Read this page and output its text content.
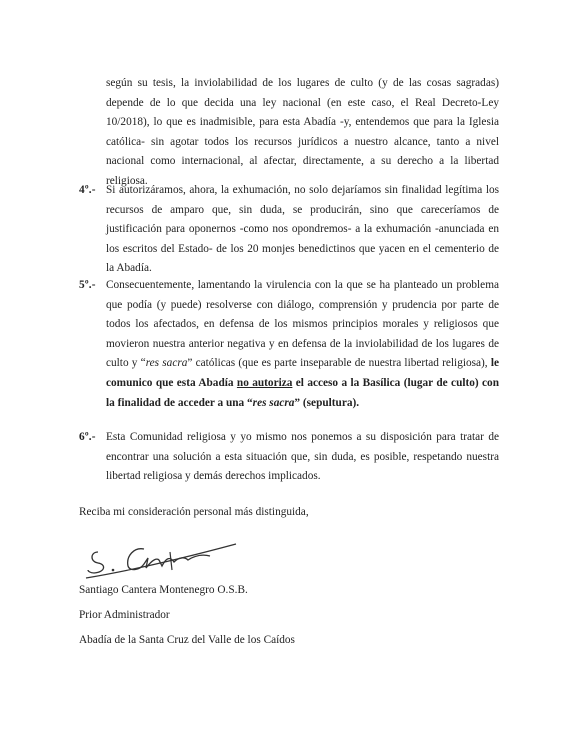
según su tesis, la inviolabilidad de los lugares de culto (y de las cosas sagradas) depende de lo que decida una ley nacional (en este caso, el Real Decreto-Ley 10/2018), lo que es inadmisible, para esta Abadía -y, entendemos que para la Iglesia católica- sin agotar todos los recursos jurídicos a nuestro alcance, tanto a nivel nacional como internacional, al afectar, directamente, a su derecho a la libertad religiosa.

4º.- Si autorizáramos, ahora, la exhumación, no solo dejaríamos sin finalidad legítima los recursos de amparo que, sin duda, se producirán, sino que careceríamos de justificación para oponernos -como nos opondremos- a la exhumación -anunciada en los escritos del Estado- de los 20 monjes benedictinos que yacen en el cementerio de la Abadía.

5º.- Consecuentemente, lamentando la virulencia con la que se ha planteado un problema que podía (y puede) resolverse con diálogo, comprensión y prudencia por parte de todos los afectados, en defensa de los mismos principios morales y religiosos que movieron nuestra anterior negativa y en defensa de la inviolabilidad de los lugares de culto y “res sacra” católicas (que es parte inseparable de nuestra libertad religiosa), le comunico que esta Abadía no autoriza el acceso a la Basílica (lugar de culto) con la finalidad de acceder a una “res sacra” (sepultura).

6º.- Esta Comunidad religiosa y yo mismo nos ponemos a su disposición para tratar de encontrar una solución a esta situación que, sin duda, es posible, respetando nuestra libertad religiosa y demás derechos implicados.

Reciba mi consideración personal más distinguida,
Santiago Cantera Montenegro O.S.B.
Prior Administrador
Abadía de la Santa Cruz del Valle de los Caídos
